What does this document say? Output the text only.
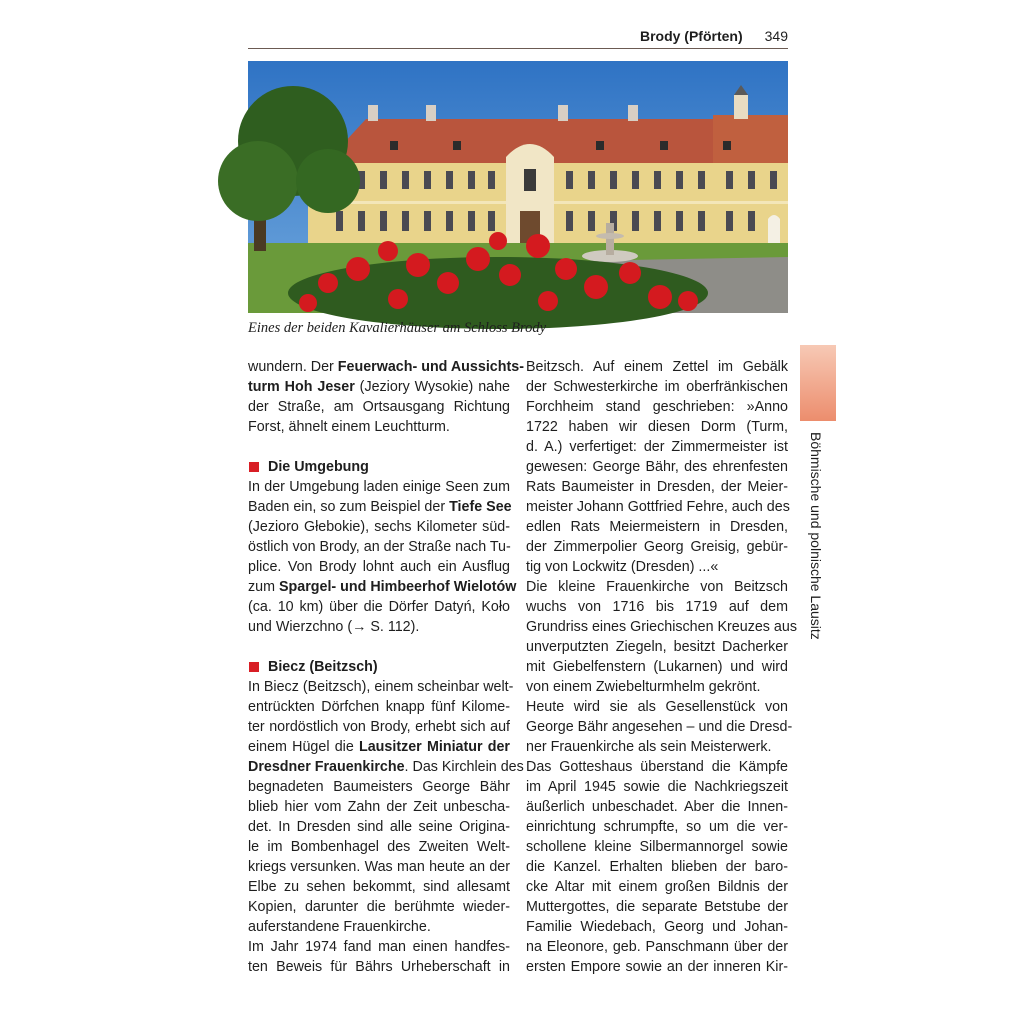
Brody (Pförten) 349
Eines der beiden Kavalierhäuser am Schloss Brody
wundern. Der Feuerwach- und Aussichts-
turm Hoh Jeser (Jeziory Wysokie) nahe
der Straße, am Ortsausgang Richtung
Forst, ähnelt einem Leuchtturm.
Die Umgebung
In der Umgebung laden einige Seen zum
Baden ein, so zum Beispiel der Tiefe See
(Jezioro Głebokie), sechs Kilometer süd-
östlich von Brody, an der Straße nach Tu-
plice. Von Brody lohnt auch ein Ausflug
zum Spargel- und Himbeerhof Wielotów
(ca. 10 km) über die Dörfer Datyń, Koło
und Wierzchno (→ S. 112).
Biecz (Beitzsch)
In Biecz (Beitzsch), einem scheinbar welt-
entrückten Dörfchen knapp fünf Kilome-
ter nordöstlich von Brody, erhebt sich auf
einem Hügel die Lausitzer Miniatur der
Dresdner Frauenkirche. Das Kirchlein des
begnadeten Baumeisters George Bähr
blieb hier vom Zahn der Zeit unbescha-
det. In Dresden sind alle seine Origina-
le im Bombenhagel des Zweiten Welt-
kriegs versunken. Was man heute an der
Elbe zu sehen bekommt, sind allesamt
Kopien, darunter die berühmte wieder-
auferstandene Frauenkirche.
Im Jahr 1974 fand man einen handfes-
ten Beweis für Bährs Urheberschaft in
Beitzsch. Auf einem Zettel im Gebälk
der Schwesterkirche im oberfränkischen
Forchheim stand geschrieben: »Anno
1722 haben wir diesen Dorm (Turm,
d. A.) verfertiget: der Zimmermeister ist
gewesen: George Bähr, des ehrenfesten
Rats Baumeister in Dresden, der Meier-
meister Johann Gottfried Fehre, auch des
edlen Rats Meiermeistern in Dresden,
der Zimmerpolier Georg Greisig, gebür-
tig von Lockwitz (Dresden) ...«
Die kleine Frauenkirche von Beitzsch
wuchs von 1716 bis 1719 auf dem
Grundriss eines Griechischen Kreuzes aus
unverputzten Ziegeln, besitzt Dacherker
mit Giebelfenstern (Lukarnen) und wird
von einem Zwiebelturmhelm gekrönt.
Heute wird sie als Gesellenstück von
George Bähr angesehen – und die Dresd-
ner Frauenkirche als sein Meisterwerk.
Das Gotteshaus überstand die Kämpfe
im April 1945 sowie die Nachkriegszeit
äußerlich unbeschadet. Aber die Innen-
einrichtung schrumpfte, so um die ver-
schollene kleine Silbermannorgel sowie
die Kanzel. Erhalten blieben der baro-
cke Altar mit einem großen Bildnis der
Muttergottes, die separate Betstube der
Familie Wiedebach, Georg und Johan-
na Eleonore, geb. Panschmann über der
ersten Empore sowie an der inneren Kir-
Böhmische und polnische Lausitz
